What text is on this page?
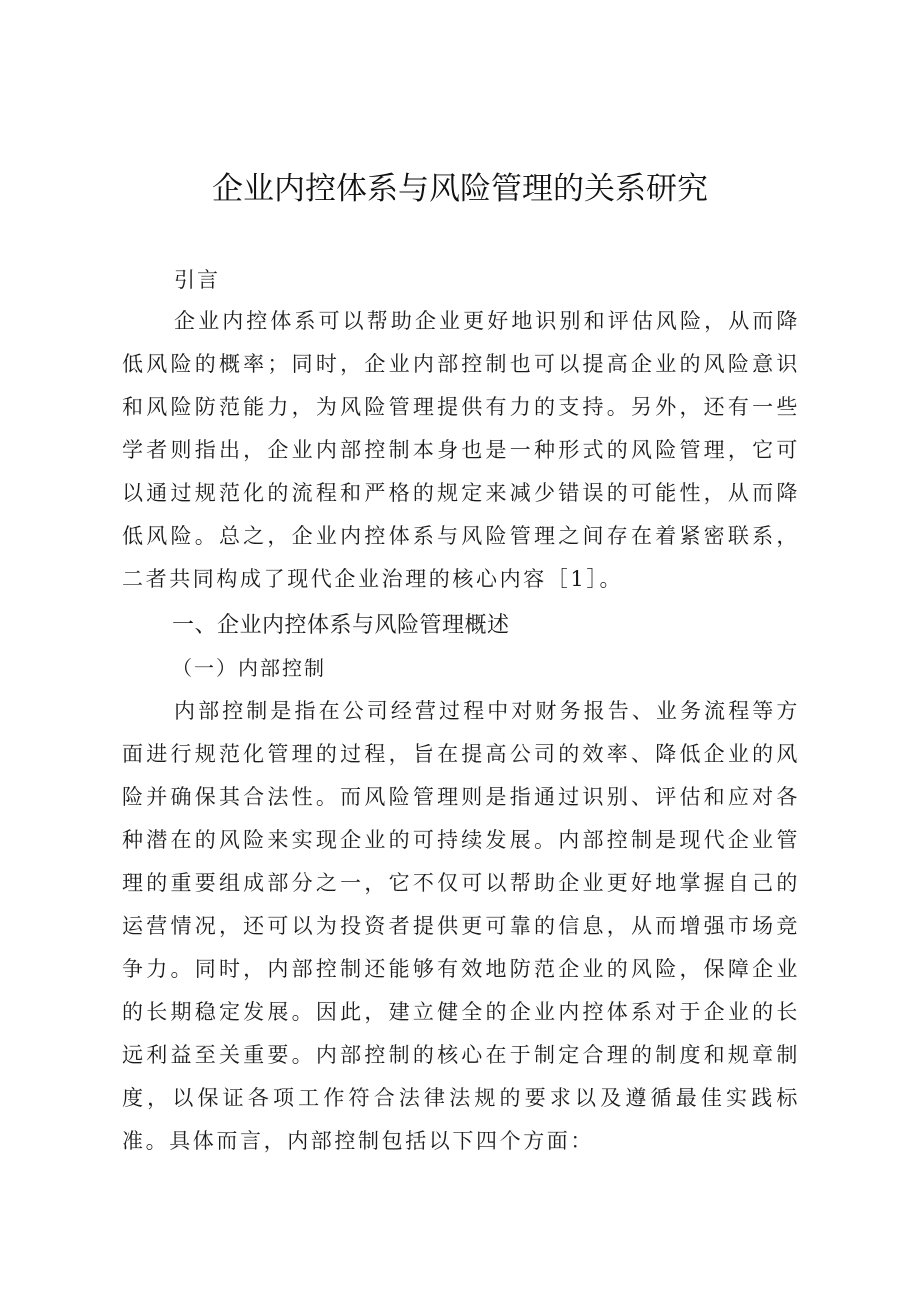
企业内控体系与风险管理的关系研究
引言

企业内控体系可以帮助企业更好地识别和评估风险，从而降低风险的概率；同时，企业内部控制也可以提高企业的风险意识和风险防范能力，为风险管理提供有力的支持。另外，还有一些学者则指出，企业内部控制本身也是一种形式的风险管理，它可以通过规范化的流程和严格的规定来减少错误的可能性，从而降低风险。总之，企业内控体系与风险管理之间存在着紧密联系，二者共同构成了现代企业治理的核心内容［1］。

一、企业内控体系与风险管理概述
（一）内部控制

内部控制是指在公司经营过程中对财务报告、业务流程等方面进行规范化管理的过程，旨在提高公司的效率、降低企业的风险并确保其合法性。而风险管理则是指通过识别、评估和应对各种潜在的风险来实现企业的可持续发展。内部控制是现代企业管理的重要组成部分之一，它不仅可以帮助企业更好地掌握自己的运营情况，还可以为投资者提供更可靠的信息，从而增强市场竞争力。同时，内部控制还能够有效地防范企业的风险，保障企业的长期稳定发展。因此，建立健全的企业内控体系对于企业的长远利益至关重要。内部控制的核心在于制定合理的制度和规章制度，以保证各项工作符合法律法规的要求以及遵循最佳实践标准。具体而言，内部控制包括以下四个方面：
